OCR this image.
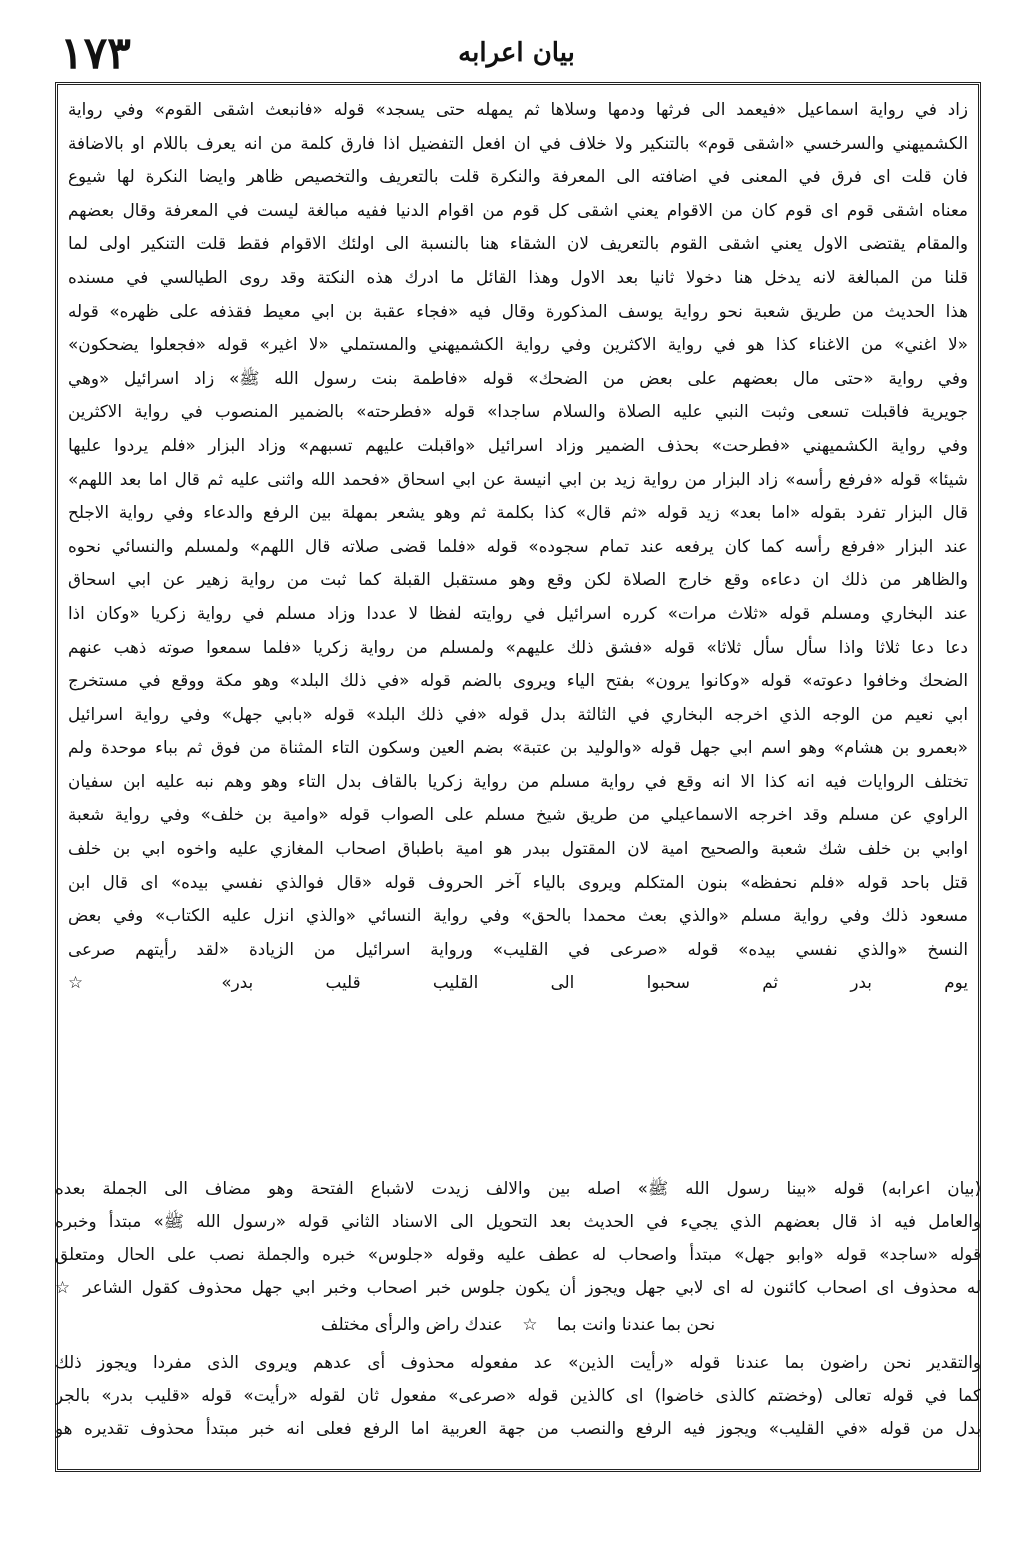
١٧٣	بیان اعرابه
زاد في رواية اسماعيل «فيعمد الى فرثها ودمها وسلاها ثم يمهله حتى يسجد» قوله «فانبعث اشقى القوم» وفي رواية
الكشميهني والسرخسي «اشقى قوم» بالتنكير ولا خلاف في ان افعل التفضيل اذا فارق كلمة من انه يعرف باللام او بالاضافة
فان قلت اى فرق في المعنى في اضافته الى المعرفة والنكرة قلت بالتعريف والتخصيص ظاهر وايضا النكرة لها شيوع
معناه اشقى قوم اى قوم كان من الاقوام يعني اشقى كل قوم من اقوام الدنيا ففيه مبالغة ليست في المعرفة وقال بعضهم
والمقام يقتضى الاول يعني اشقى القوم بالتعريف لان الشقاء هنا بالنسبة الى اولئك الاقوام فقط قلت التنكير اولى لما
قلنا من المبالغة لانه يدخل هنا دخولا ثانيا بعد الاول وهذا القائل ما ادرك هذه النكتة وقد روى الطيالسي في مسنده
هذا الحديث من طريق شعبة نحو رواية يوسف المذكورة وقال فيه «فجاء عقبة بن ابي معيط فقذفه على ظهره» قوله
«لا اغني» من الاغناء كذا هو في رواية الاكثرين وفي رواية الكشميهني والمستملي «لا اغير» قوله «فجعلوا يضحكون»
وفي رواية «حتى مال بعضهم على بعض من الضحك» قوله «فاطمة بنت رسول الله ﷺ» زاد اسرائيل «وهي
جويرية فاقبلت تسعى وثبت النبي عليه الصلاة والسلام ساجدا» قوله «فطرحته» بالضمير المنصوب في رواية الاكثرين
وفي رواية الكشميهني «فطرحت» بحذف الضمير وزاد اسرائيل «واقبلت عليهم تسبهم» وزاد البزار «فلم يردوا عليها
شيئا» قوله «فرفع رأسه» زاد البزار من رواية زيد بن ابي انيسة عن ابي اسحاق «فحمد الله واثنى عليه ثم قال اما بعد اللهم»
قال البزار تفرد بقوله «اما بعد» زيد قوله «ثم قال» كذا بكلمة ثم وهو يشعر بمهلة بين الرفع والدعاء وفي رواية الاجلح
عند البزار «فرفع رأسه كما كان يرفعه عند تمام سجوده» قوله «فلما قضى صلاته قال اللهم» ولمسلم والنسائي نحوه
والظاهر من ذلك ان دعاءه وقع خارج الصلاة لكن وقع وهو مستقبل القبلة كما ثبت من رواية زهير عن ابي اسحاق
عند البخاري ومسلم قوله «ثلاث مرات» كرره اسرائيل في روايته لفظا لا عددا وزاد مسلم في رواية زكريا «وكان اذا
دعا دعا ثلاثا واذا سأل سأل ثلاثا» قوله «فشق ذلك عليهم» ولمسلم من رواية زكريا «فلما سمعوا صوته ذهب عنهم
الضحك وخافوا دعوته» قوله «وكانوا يرون» بفتح الياء ويروى بالضم قوله «في ذلك البلد» وهو مكة ووقع في مستخرج
ابي نعيم من الوجه الذي اخرجه البخاري في الثالثة بدل قوله «في ذلك البلد» قوله «بابي جهل» وفي رواية اسرائيل
«بعمرو بن هشام» وهو اسم ابي جهل قوله «والوليد بن عتبة» بضم العين وسكون التاء المثناة من فوق ثم بباء موحدة ولم
تختلف الروايات فيه انه كذا الا انه وقع في رواية مسلم من رواية زكريا بالقاف بدل التاء وهو وهم نبه عليه ابن سفيان
الراوي عن مسلم وقد اخرجه الاسماعيلي من طريق شيخ مسلم على الصواب قوله «وامية بن خلف» وفي رواية شعبة
اوابي بن خلف شك شعبة والصحيح امية لان المقتول ببدر هو امية باطباق اصحاب المغازي عليه واخوه ابي بن خلف
قتل باحد قوله «فلم نحفظه» بنون المتكلم ويروى بالياء آخر الحروف قوله «قال فوالذي نفسي بيده» اى قال ابن
مسعود ذلك وفي رواية مسلم «والذي بعث محمدا بالحق» وفي رواية النسائي «والذي انزل عليه الكتاب» وفي بعض
النسخ «والذي نفسي بيده» قوله «صرعى في القليب» ورواية اسرائيل من الزيادة «لقد رأيتهم صرعى
يوم بدر ثم سحبوا الى القليب قليب بدر» ☆
(بيان اعرابه) قوله «بينا رسول الله ﷺ» اصله بين والالف زيدت لاشباع الفتحة وهو مضاف الى الجملة بعده
والعامل فيه اذ قال بعضهم الذي يجيء في الحديث بعد التحويل الى الاسناد الثاني قوله «رسول الله ﷺ» مبتدأ وخبره
قوله «ساجد» قوله «وابو جهل» مبتدأ واصحاب له عطف عليه وقوله «جلوس» خبره والجملة نصب على الحال ومتعلق
له محذوف اى اصحاب كائنون له اى لابي جهل ويجوز أن يكون جلوس خبر اصحاب وخبر ابي جهل محذوف كقول الشاعر ☆
نحن بما عندنا وانت بما ☆ عندك راض والرأى مختلف
والتقدير نحن راضون بما عندنا قوله «رأيت الذين» عد مفعوله محذوف أى عدهم ويروى الذى مفردا ويجوز ذلك
كما في قوله تعالى (وخضتم كالذى خاضوا) اى كالذين قوله «صرعى» مفعول ثان لقوله «رأيت» قوله «قليب بدر» بالجر
بدل من قوله «في القليب» ويجوز فيه الرفع والنصب من جهة العربية اما الرفع فعلى انه خبر مبتدأ محذوف تقديره هو
